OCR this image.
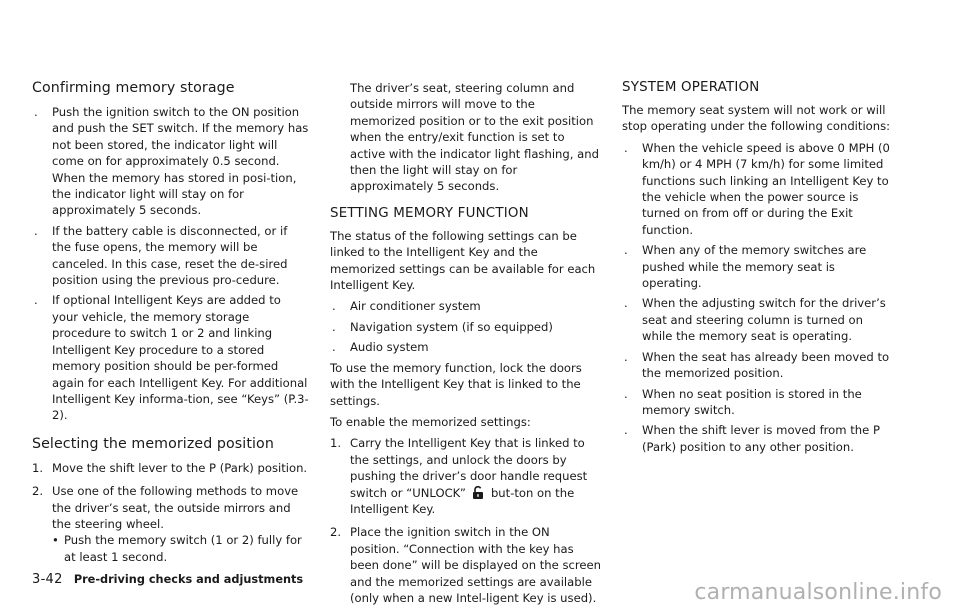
Confirming memory storage
. Push the ignition switch to the ON position and push the SET switch. If the memory has not been stored, the indicator light will come on for approximately 0.5 second. When the memory has stored in posi-tion, the indicator light will stay on for approximately 5 seconds.
. If the battery cable is disconnected, or if the fuse opens, the memory will be canceled. In this case, reset the de-sired position using the previous pro-cedure.
. If optional Intelligent Keys are added to your vehicle, the memory storage procedure to switch 1 or 2 and linking Intelligent Key procedure to a stored memory position should be per-formed again for each Intelligent Key. For additional Intelligent Key informa-tion, see “Keys” (P.3-2).
Selecting the memorized position
1. Move the shift lever to the P (Park) position.
2. Use one of the following methods to move the driver’s seat, the outside mirrors and the steering wheel.
• Push the memory switch (1 or 2) fully for at least 1 second.

The driver’s seat, steering column and outside mirrors will move to the memorized position or to the exit position when the entry/exit function is set to active with the indicator light flashing, and then the light will stay on for approximately 5 seconds.

SETTING MEMORY FUNCTION

The status of the following settings can be linked to the Intelligent Key and the memorized settings can be available for each Intelligent Key.

. Air conditioner system
. Navigation system (if so equipped)
. Audio system

To use the memory function, lock the doors with the Intelligent Key that is linked to the settings.

To enable the memorized settings:

1. Carry the Intelligent Key that is linked to the settings, and unlock the doors by pushing the driver’s door handle request switch or “UNLOCK” but-ton on the Intelligent Key.
2. Place the ignition switch in the ON position. “Connection with the key has been done” will be displayed on the screen and the memorized settings are available (only when a new Intel-ligent Key is used).
SYSTEM OPERATION

The memory seat system will not work or will stop operating under the following conditions:

. When the vehicle speed is above 0 MPH (0 km/h) or 4 MPH (7 km/h) for some limited functions such linking an Intelligent Key to the vehicle when the power source is turned on from off or during the Exit function.
. When any of the memory switches are pushed while the memory seat is operating.
. When the adjusting switch for the driver’s seat and steering column is turned on while the memory seat is operating.
. When the seat has already been moved to the memorized position.
. When no seat position is stored in the memory switch.
. When the shift lever is moved from the P (Park) position to any other position.
3-42 Pre-driving checks and adjustments
carmanualsonline.info
